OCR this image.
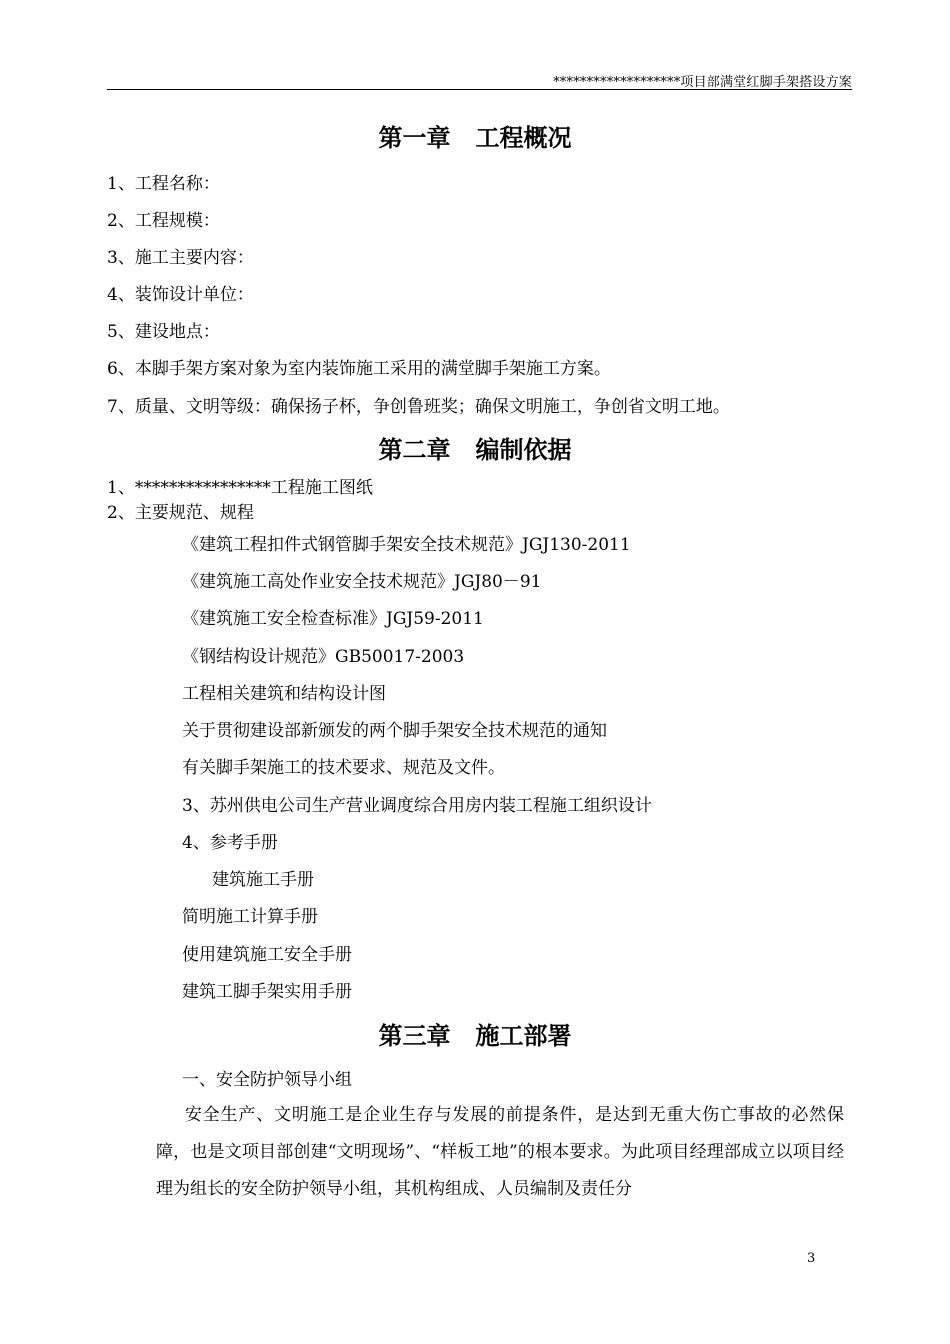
*******************项目部满堂红脚手架搭设方案
第一章   工程概况
1、工程名称：
2、工程规模：
3、施工主要内容：
4、装饰设计单位：
5、建设地点：
6、本脚手架方案对象为室内装饰施工采用的满堂脚手架施工方案。
7、质量、文明等级：确保扬子杯，争创鲁班奖；确保文明施工，争创省文明工地。
第二章   编制依据
1、****************工程施工图纸
2、主要规范、规程
《建筑工程扣件式钢管脚手架安全技术规范》JGJ130-2011
《建筑施工高处作业安全技术规范》JGJ80－91
《建筑施工安全检查标准》JGJ59-2011
《钢结构设计规范》GB50017-2003
工程相关建筑和结构设计图
关于贯彻建设部新颁发的两个脚手架安全技术规范的通知
有关脚手架施工的技术要求、规范及文件。
3、苏州供电公司生产营业调度综合用房内装工程施工组织设计
4、参考手册
建筑施工手册
简明施工计算手册
使用建筑施工安全手册
建筑工脚手架实用手册
第三章   施工部署
一、安全防护领导小组
安全生产、文明施工是企业生存与发展的前提条件，是达到无重大伤亡事故的必然保障，也是文项目部创建“文明现场”、“样板工地”的根本要求。为此项目经理部成立以项目经理为组长的安全防护领导小组，其机构组成、人员编制及责任分
3
